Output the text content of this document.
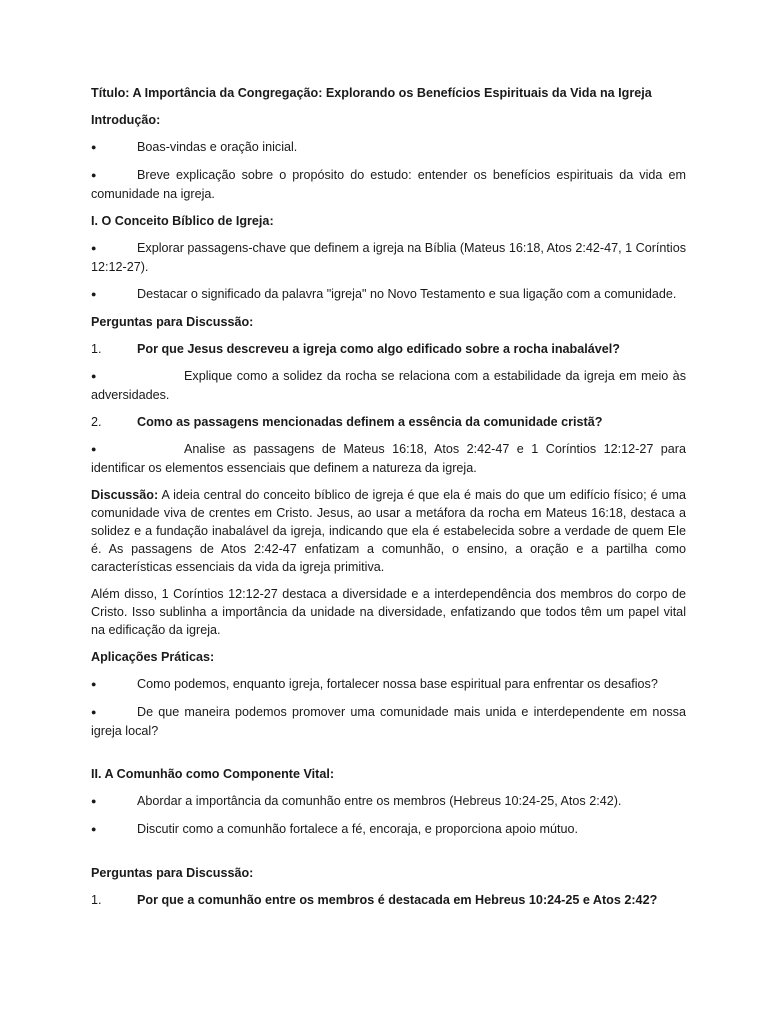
Título: A Importância da Congregação: Explorando os Benefícios Espirituais da Vida na Igreja

Introdução:

●	Boas-vindas e oração inicial.

●	Breve explicação sobre o propósito do estudo: entender os benefícios espirituais da vida em comunidade na igreja.

I. O Conceito Bíblico de Igreja:

●	Explorar passagens-chave que definem a igreja na Bíblia (Mateus 16:18, Atos 2:42-47, 1 Coríntios 12:12-27).

●	Destacar o significado da palavra "igreja" no Novo Testamento e sua ligação com a comunidade.

Perguntas para Discussão:

1.	Por que Jesus descreveu a igreja como algo edificado sobre a rocha inabalável?

●	Explique como a solidez da rocha se relaciona com a estabilidade da igreja em meio às adversidades.

2.	Como as passagens mencionadas definem a essência da comunidade cristã?

●	Analise as passagens de Mateus 16:18, Atos 2:42-47 e 1 Coríntios 12:12-27 para identificar os elementos essenciais que definem a natureza da igreja.

Discussão: A ideia central do conceito bíblico de igreja é que ela é mais do que um edifício físico; é uma comunidade viva de crentes em Cristo. Jesus, ao usar a metáfora da rocha em Mateus 16:18, destaca a solidez e a fundação inabalável da igreja, indicando que ela é estabelecida sobre a verdade de quem Ele é. As passagens de Atos 2:42-47 enfatizam a comunhão, o ensino, a oração e a partilha como características essenciais da vida da igreja primitiva.

Além disso, 1 Coríntios 12:12-27 destaca a diversidade e a interdependência dos membros do corpo de Cristo. Isso sublinha a importância da unidade na diversidade, enfatizando que todos têm um papel vital na edificação da igreja.

Aplicações Práticas:

●	Como podemos, enquanto igreja, fortalecer nossa base espiritual para enfrentar os desafios?

●	De que maneira podemos promover uma comunidade mais unida e interdependente em nossa igreja local?

II. A Comunhão como Componente Vital:

●	Abordar a importância da comunhão entre os membros (Hebreus 10:24-25, Atos 2:42).

●	Discutir como a comunhão fortalece a fé, encoraja, e proporciona apoio mútuo.

Perguntas para Discussão:

1.	Por que a comunhão entre os membros é destacada em Hebreus 10:24-25 e Atos 2:42?
